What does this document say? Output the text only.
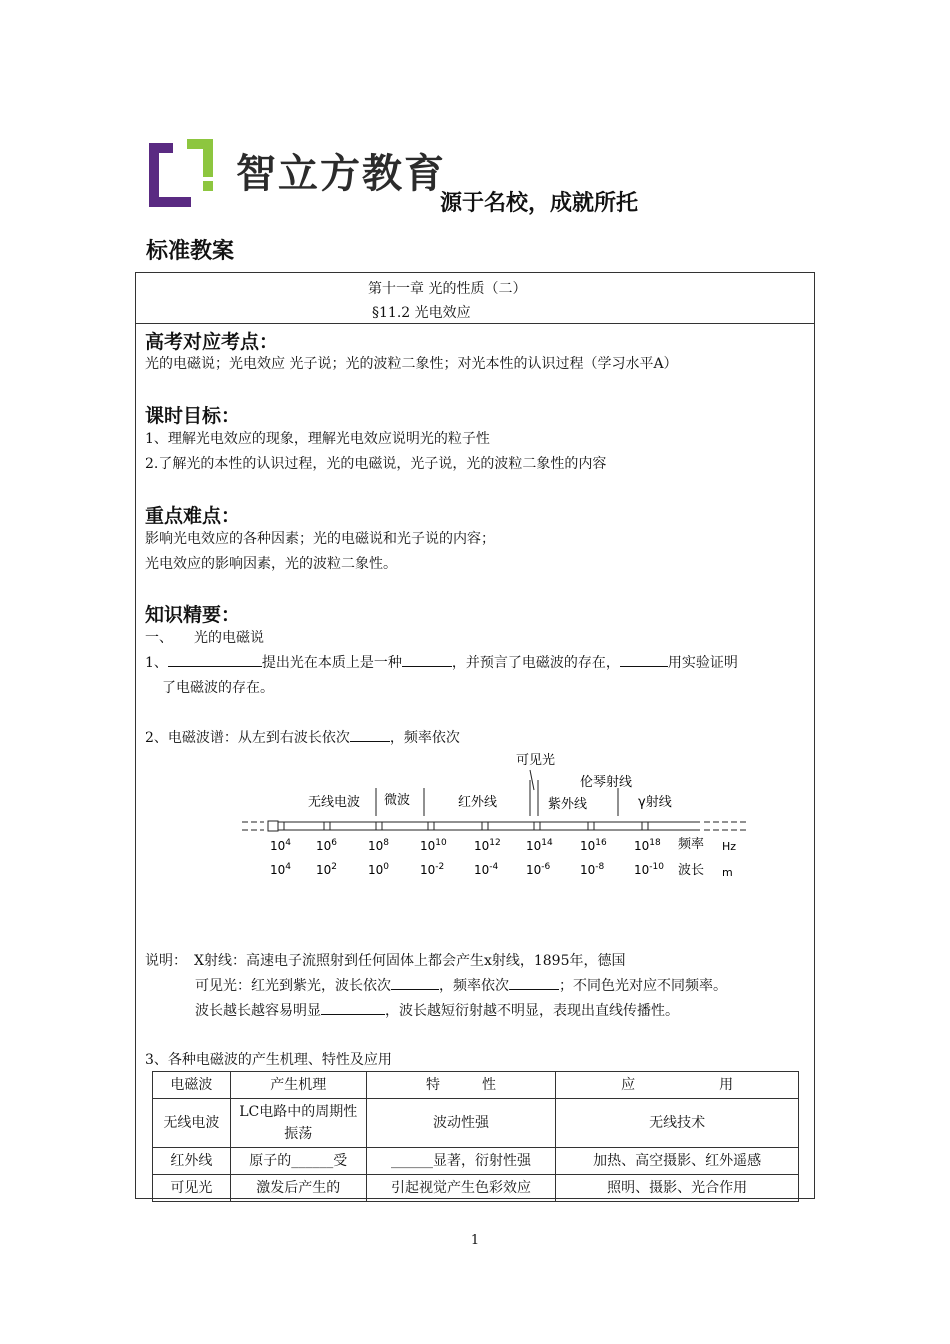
智立方教育
源于名校，成就所托
标准教案
第十一章 光的性质（二）
§11.2 光电效应
高考对应考点：
光的电磁说；光电效应 光子说；光的波粒二象性；对光本性的认识过程（学习水平A）
课时目标：
1、理解光电效应的现象，理解光电效应说明光的粒子性
2.了解光的本性的认识过程，光的电磁说，光子说，光的波粒二象性的内容
重点难点：
影响光电效应的各种因素；光的电磁说和光子说的内容；
光电效应的影响因素，光的波粒二象性。
知识精要：
一、　　光的电磁说
1、	提出光在本质上是一种	，并预言了电磁波的存在，	用实验证明
了电磁波的存在。
2、电磁波谱：从左到右波长依次	，频率依次
无线电波 微波	红外线
可见光
紫外线
伦琴射线
γ射线
$10^4$ $10^6$	$10^8$	$10^{10}$ $10^{12}$ $10^{14}$ $10^{16}$ $10^{18}$
$10^4$ $10^2$	$10^0$	$10^{-2}$ $10^{-4}$ $10^{-6}$ $10^{-8}$ $10^{-10}$
频率 Hz
波长 m
说明：　X射线：高速电子流照射到任何固体上都会产生x射线，1895年，德国
可见光：红光到紫光，波长依次	，频率依次	；不同色光对应不同频率。
波长越长越容易明显	，波长越短衍射越不明显，表现出直线传播性。
3、各种电磁波的产生机理、特性及应用
电磁波	产生机理	特　　　性	应　　　　　　用
无线电波	LC电路中的周期性振荡	波动性强	无线技术
红外线	原子的______受	______显著，衍射性强	加热、高空摄影、红外遥感
可见光	激发后产生的	引起视觉产生色彩效应	照明、摄影、光合作用
1
